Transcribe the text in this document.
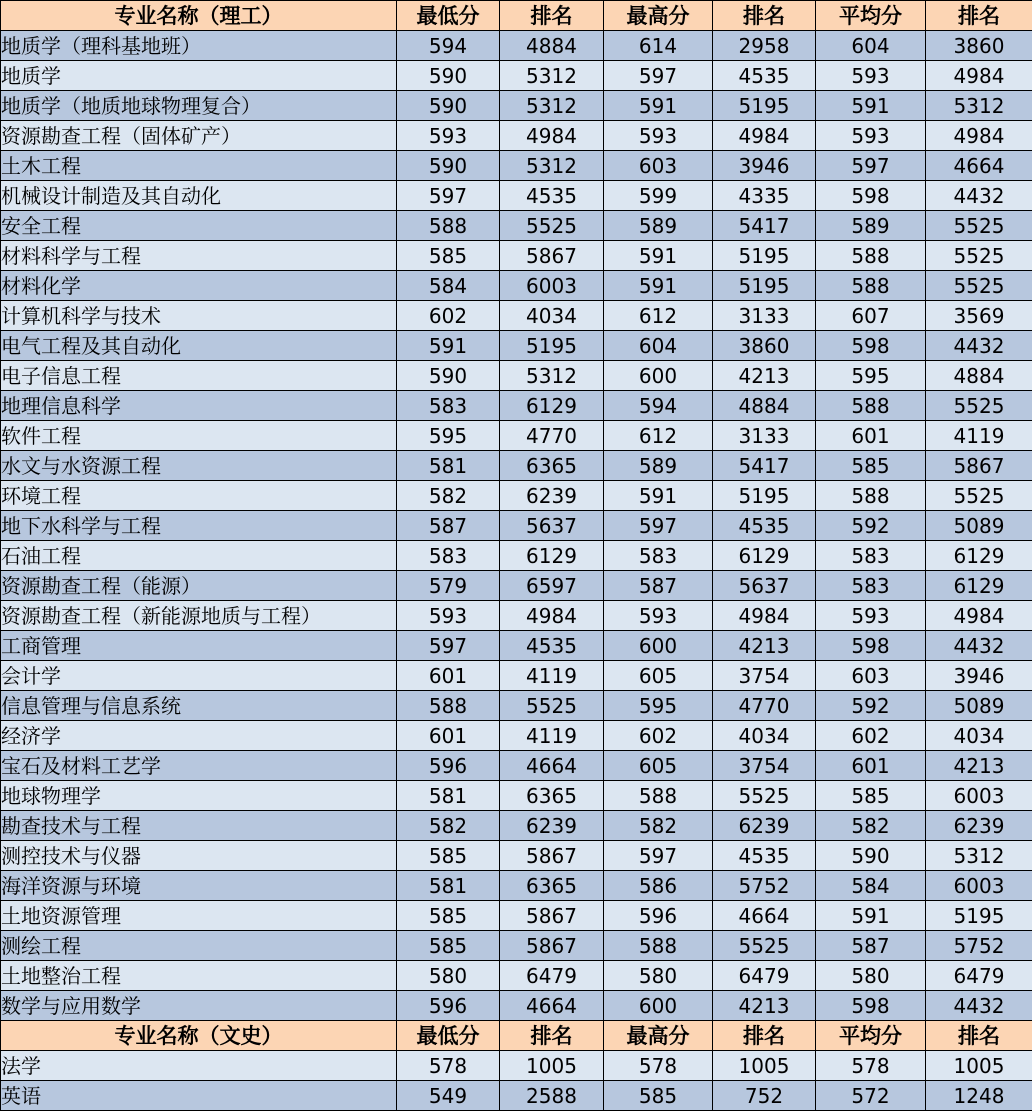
专业名称（理工）	最低分	排名	最高分	排名	平均分	排名
地质学（理科基地班）	594	4884	614	2958	604	3860
地质学	590	5312	597	4535	593	4984
地质学（地质地球物理复合）	590	5312	591	5195	591	5312
资源勘查工程（固体矿产）	593	4984	593	4984	593	4984
土木工程	590	5312	603	3946	597	4664
机械设计制造及其自动化	597	4535	599	4335	598	4432
安全工程	588	5525	589	5417	589	5525
材料科学与工程	585	5867	591	5195	588	5525
材料化学	584	6003	591	5195	588	5525
计算机科学与技术	602	4034	612	3133	607	3569
电气工程及其自动化	591	5195	604	3860	598	4432
电子信息工程	590	5312	600	4213	595	4884
地理信息科学	583	6129	594	4884	588	5525
软件工程	595	4770	612	3133	601	4119
水文与水资源工程	581	6365	589	5417	585	5867
环境工程	582	6239	591	5195	588	5525
地下水科学与工程	587	5637	597	4535	592	5089
石油工程	583	6129	583	6129	583	6129
资源勘查工程（能源）	579	6597	587	5637	583	6129
资源勘查工程（新能源地质与工程）	593	4984	593	4984	593	4984
工商管理	597	4535	600	4213	598	4432
会计学	601	4119	605	3754	603	3946
信息管理与信息系统	588	5525	595	4770	592	5089
经济学	601	4119	602	4034	602	4034
宝石及材料工艺学	596	4664	605	3754	601	4213
地球物理学	581	6365	588	5525	585	6003
勘查技术与工程	582	6239	582	6239	582	6239
测控技术与仪器	585	5867	597	4535	590	5312
海洋资源与环境	581	6365	586	5752	584	6003
土地资源管理	585	5867	596	4664	591	5195
测绘工程	585	5867	588	5525	587	5752
土地整治工程	580	6479	580	6479	580	6479
数学与应用数学	596	4664	600	4213	598	4432
专业名称（文史）	最低分	排名	最高分	排名	平均分	排名
法学	578	1005	578	1005	578	1005
英语	549	2588	585	752	572	1248
